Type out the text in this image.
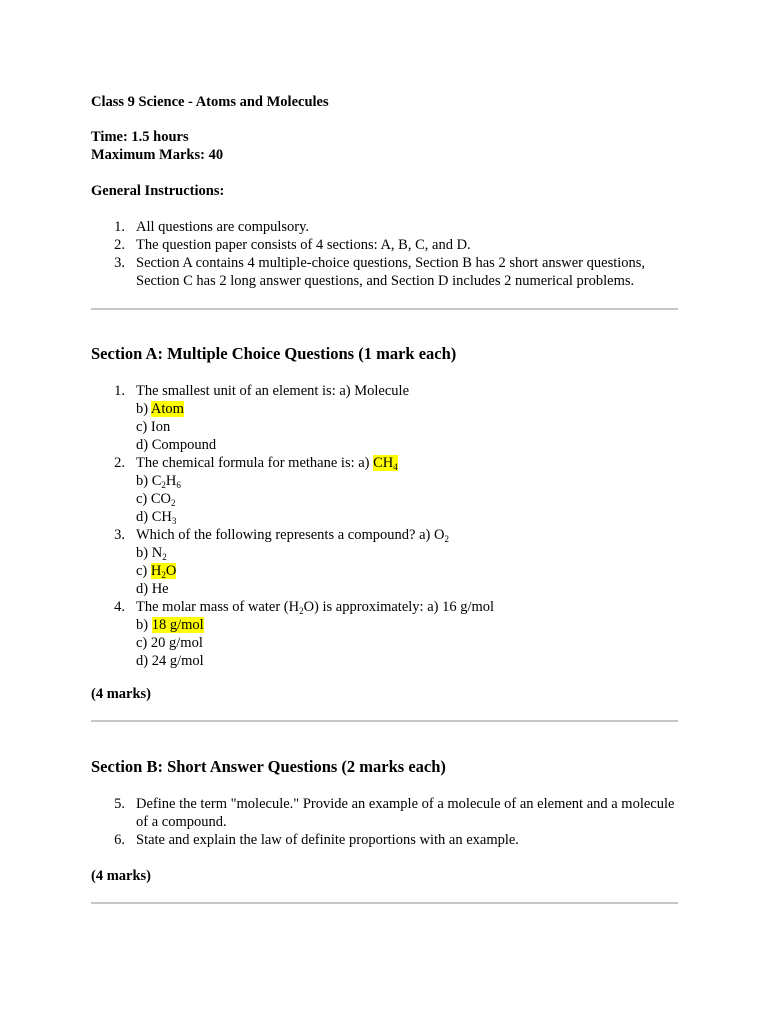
Class 9 Science - Atoms and Molecules
Time: 1.5 hours
Maximum Marks: 40
General Instructions:
1. All questions are compulsory.
2. The question paper consists of 4 sections: A, B, C, and D.
3. Section A contains 4 multiple-choice questions, Section B has 2 short answer questions, Section C has 2 long answer questions, and Section D includes 2 numerical problems.
Section A: Multiple Choice Questions (1 mark each)
1. The smallest unit of an element is: a) Molecule
b) Atom
c) Ion
d) Compound
2. The chemical formula for methane is: a) $CH_4$
b) $C_2H_6$
c) $CO_2$
d) $CH_3$
3. Which of the following represents a compound? a) $O_2$
b) $N_2$
c) $H_2O$
d) He
4. The molar mass of water $(H_2O)$ is approximately: a) 16 g/mol
b) 18 g/mol
c) 20 g/mol
d) 24 g/mol
(4 marks)
Section B: Short Answer Questions (2 marks each)
5. Define the term "molecule." Provide an example of a molecule of an element and a molecule of a compound.
6. State and explain the law of definite proportions with an example.
(4 marks)
